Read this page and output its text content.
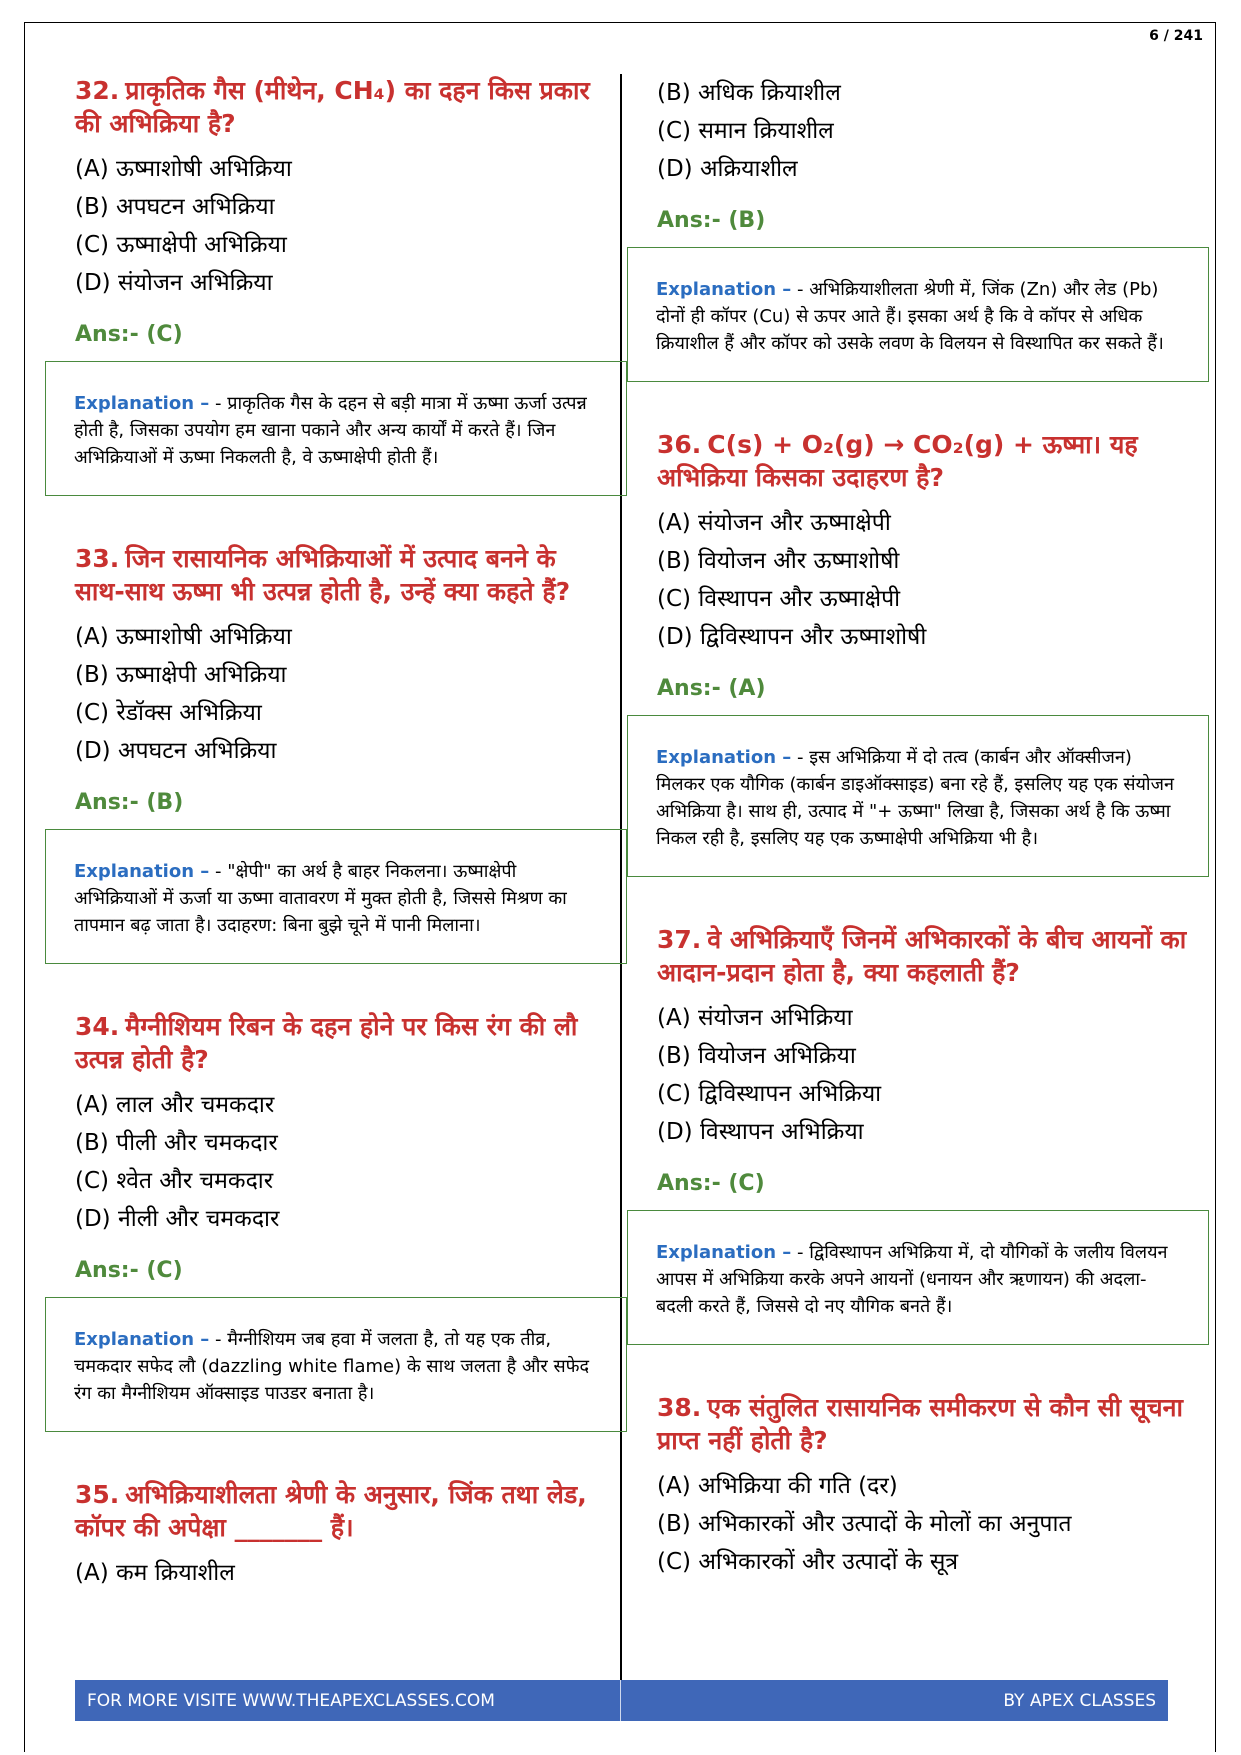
6 / 241
32. प्राकृतिक गैस (मीथेन, CH₄) का दहन किस प्रकार की अभिक्रिया है?
(A) ऊष्माशोषी अभिक्रिया
(B) अपघटन अभिक्रिया
(C) ऊष्माक्षेपी अभिक्रिया
(D) संयोजन अभिक्रिया
Ans:- (C)
Explanation – - प्राकृतिक गैस के दहन से बड़ी मात्रा में ऊष्मा ऊर्जा उत्पन्न होती है, जिसका उपयोग हम खाना पकाने और अन्य कार्यों में करते हैं। जिन अभिक्रियाओं में ऊष्मा निकलती है, वे ऊष्माक्षेपी होती हैं।
33. जिन रासायनिक अभिक्रियाओं में उत्पाद बनने के साथ-साथ ऊष्मा भी उत्पन्न होती है, उन्हें क्या कहते हैं?
(A) ऊष्माशोषी अभिक्रिया
(B) ऊष्माक्षेपी अभिक्रिया
(C) रेडॉक्स अभिक्रिया
(D) अपघटन अभिक्रिया
Ans:- (B)
Explanation – - "क्षेपी" का अर्थ है बाहर निकलना। ऊष्माक्षेपी अभिक्रियाओं में ऊर्जा या ऊष्मा वातावरण में मुक्त होती है, जिससे मिश्रण का तापमान बढ़ जाता है। उदाहरण: बिना बुझे चूने में पानी मिलाना।
34. मैग्नीशियम रिबन के दहन होने पर किस रंग की लौ उत्पन्न होती है?
(A) लाल और चमकदार
(B) पीली और चमकदार
(C) श्वेत और चमकदार
(D) नीली और चमकदार
Ans:- (C)
Explanation – - मैग्नीशियम जब हवा में जलता है, तो यह एक तीव्र, चमकदार सफेद लौ (dazzling white flame) के साथ जलता है और सफेद रंग का मैग्नीशियम ऑक्साइड पाउडर बनाता है।
35. अभिक्रियाशीलता श्रेणी के अनुसार, जिंक तथा लेड, कॉपर की अपेक्षा _______ हैं।
(A) कम क्रियाशील
(B) अधिक क्रियाशील
(C) समान क्रियाशील
(D) अक्रियाशील
Ans:- (B)
Explanation – - अभिक्रियाशीलता श्रेणी में, जिंक (Zn) और लेड (Pb) दोनों ही कॉपर (Cu) से ऊपर आते हैं। इसका अर्थ है कि वे कॉपर से अधिक क्रियाशील हैं और कॉपर को उसके लवण के विलयन से विस्थापित कर सकते हैं।
36. C(s) + O₂(g) → CO₂(g) + ऊष्मा। यह अभिक्रिया किसका उदाहरण है?
(A) संयोजन और ऊष्माक्षेपी
(B) वियोजन और ऊष्माशोषी
(C) विस्थापन और ऊष्माक्षेपी
(D) द्विविस्थापन और ऊष्माशोषी
Ans:- (A)
Explanation – - इस अभिक्रिया में दो तत्व (कार्बन और ऑक्सीजन) मिलकर एक यौगिक (कार्बन डाइऑक्साइड) बना रहे हैं, इसलिए यह एक संयोजन अभिक्रिया है। साथ ही, उत्पाद में "+ ऊष्मा" लिखा है, जिसका अर्थ है कि ऊष्मा निकल रही है, इसलिए यह एक ऊष्माक्षेपी अभिक्रिया भी है।
37. वे अभिक्रियाएँ जिनमें अभिकारकों के बीच आयनों का आदान-प्रदान होता है, क्या कहलाती हैं?
(A) संयोजन अभिक्रिया
(B) वियोजन अभिक्रिया
(C) द्विविस्थापन अभिक्रिया
(D) विस्थापन अभिक्रिया
Ans:- (C)
Explanation – - द्विविस्थापन अभिक्रिया में, दो यौगिकों के जलीय विलयन आपस में अभिक्रिया करके अपने आयनों (धनायन और ऋणायन) की अदला-बदली करते हैं, जिससे दो नए यौगिक बनते हैं।
38. एक संतुलित रासायनिक समीकरण से कौन सी सूचना प्राप्त नहीं होती है?
(A) अभिक्रिया की गति (दर)
(B) अभिकारकों और उत्पादों के मोलों का अनुपात
(C) अभिकारकों और उत्पादों के सूत्र
FOR MORE VISITE WWW.THEAPEXCLASSES.COM	BY APEX CLASSES
